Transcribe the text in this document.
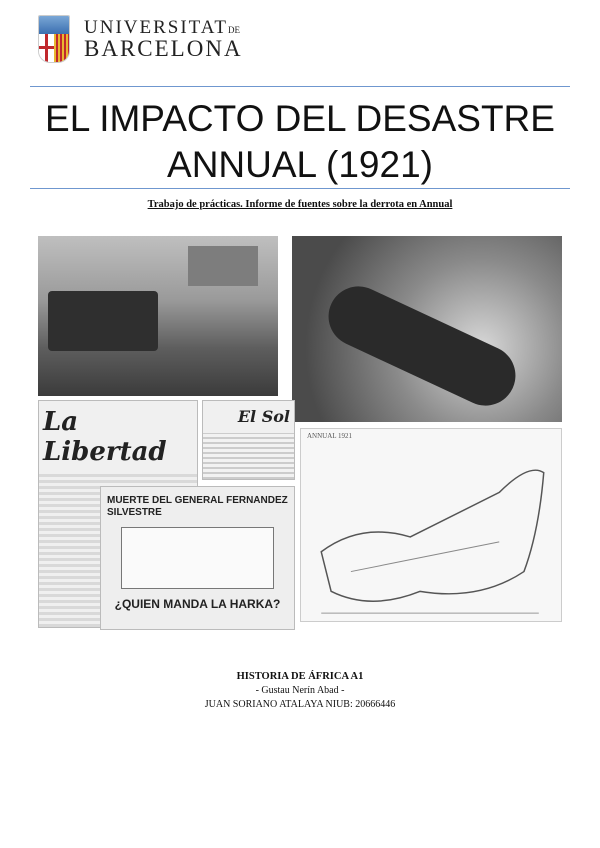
UNIVERSITATDE
BARCELONA
EL IMPACTO DEL DESASTRE
ANNUAL (1921)
Trabajo de prácticas. Informe de fuentes sobre la derrota en Annual
La Libertad
El Sol
MUERTE DEL GENERAL FERNANDEZ SILVESTRE
¿QUIEN MANDA LA HARKA?
ANNUAL 1921
HISTORIA DE ÁFRICA A1
- Gustau Nerín Abad -
JUAN SORIANO ATALAYA NIUB: 20666446
